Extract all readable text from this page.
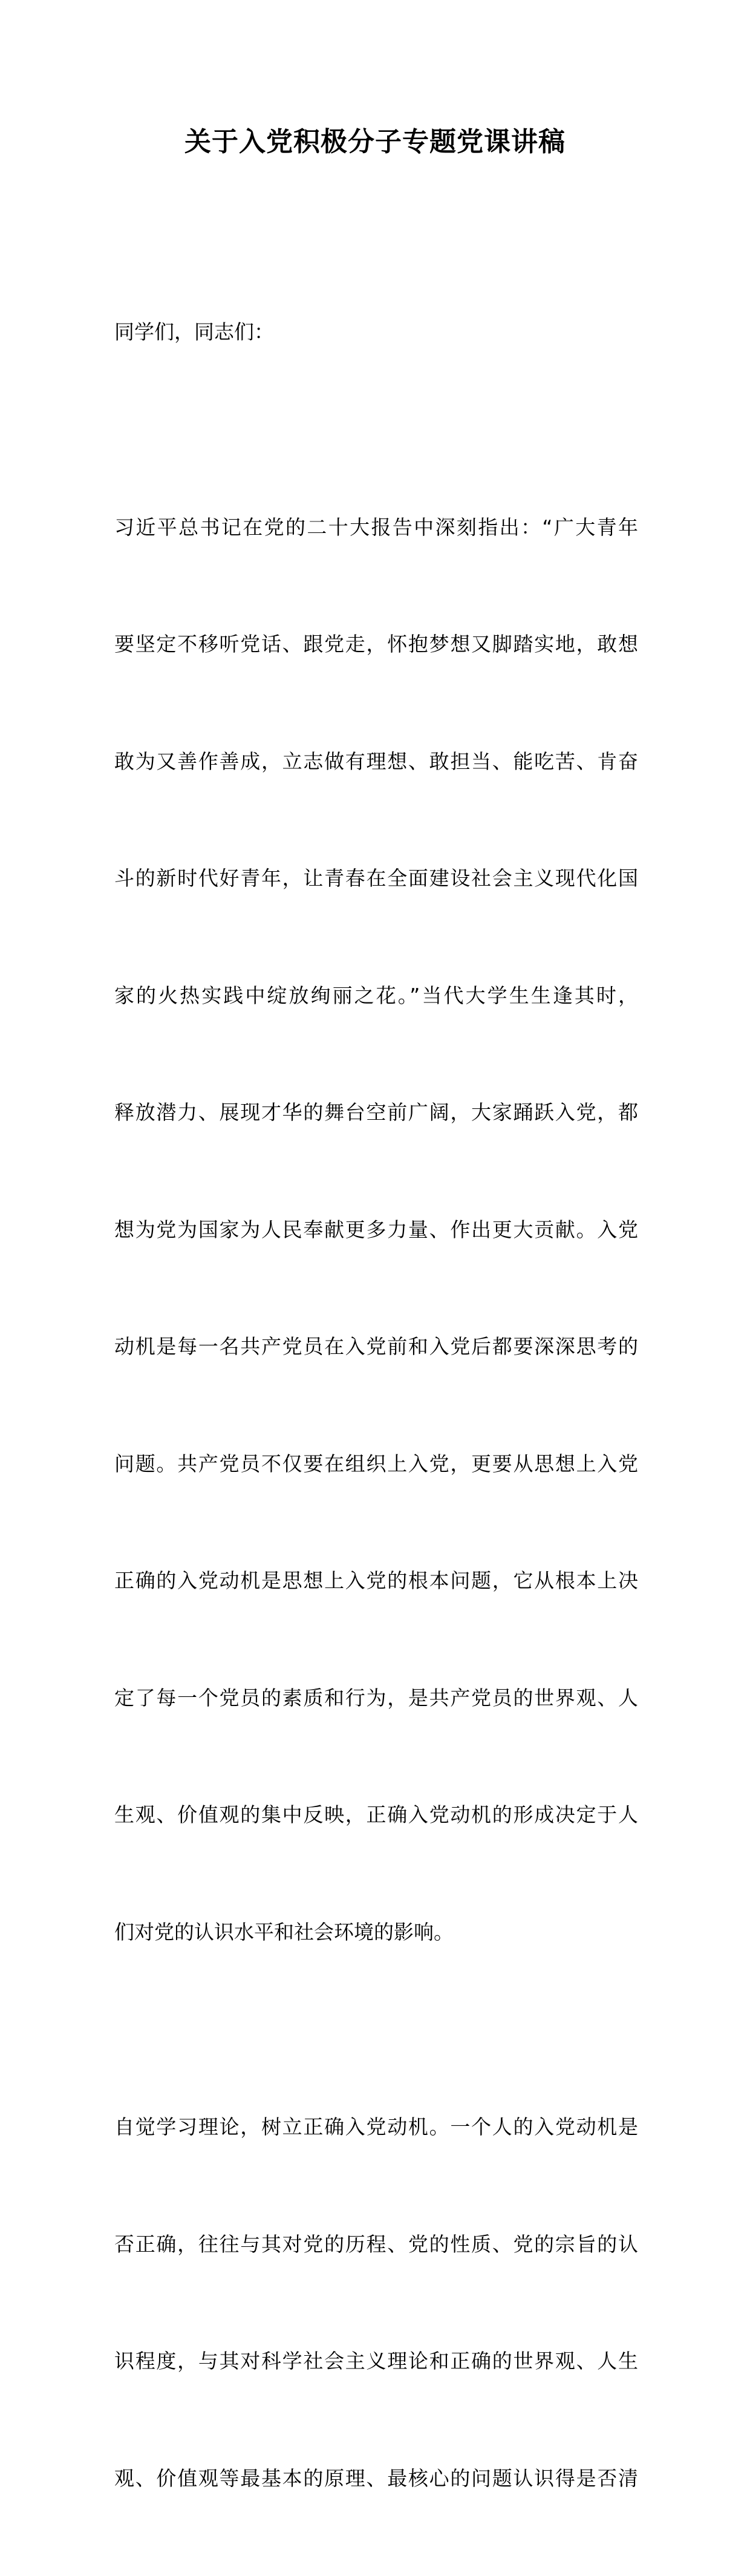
关于入党积极分子专题党课讲稿

同学们，同志们：

习近平总书记在党的二十大报告中深刻指出：“广大青年

要坚定不移听党话、跟党走，怀抱梦想又脚踏实地，敢想

敢为又善作善成，立志做有理想、敢担当、能吃苦、肯奋

斗的新时代好青年，让青春在全面建设社会主义现代化国

家的火热实践中绽放绚丽之花。”当代大学生生逢其时，

释放潜力、展现才华的舞台空前广阔，大家踊跃入党，都

想为党为国家为人民奉献更多力量、作出更大贡献。入党

动机是每一名共产党员在入党前和入党后都要深深思考的

问题。共产党员不仅要在组织上入党，更要从思想上入党

正确的入党动机是思想上入党的根本问题，它从根本上决

定了每一个党员的素质和行为，是共产党员的世界观、人

生观、价值观的集中反映，正确入党动机的形成决定于人

们对党的认识水平和社会环境的影响。

自觉学习理论，树立正确入党动机。一个人的入党动机是

否正确，往往与其对党的历程、党的性质、党的宗旨的认

识程度，与其对科学社会主义理论和正确的世界观、人生

观、价值观等最基本的原理、最核心的问题认识得是否清
